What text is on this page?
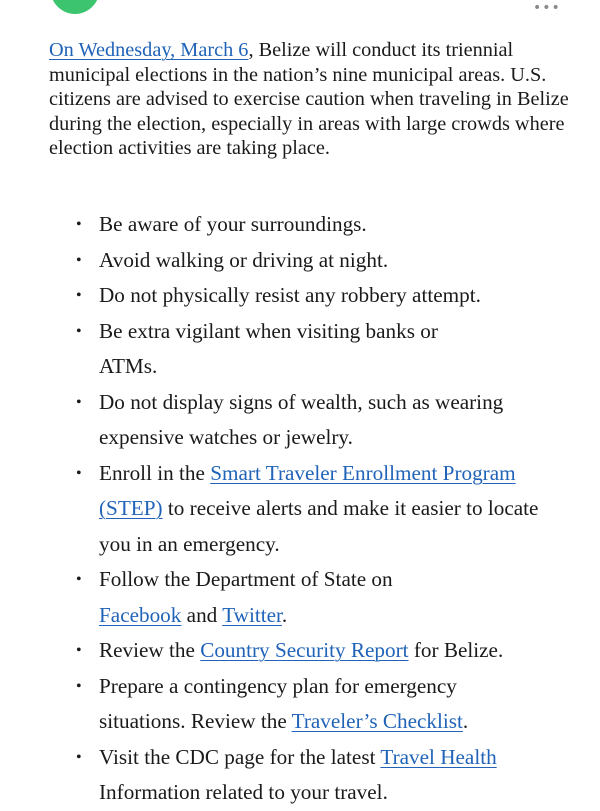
•••

On Wednesday, March 6, Belize will conduct its triennial municipal elections in the nation’s nine municipal areas. U.S. citizens are advised to exercise caution when traveling in Belize during the election, especially in areas with large crowds where election activities are taking place.

• Be aware of your surroundings.
• Avoid walking or driving at night.
• Do not physically resist any robbery attempt.
• Be extra vigilant when visiting banks or ATMs.
• Do not display signs of wealth, such as wearing expensive watches or jewelry.
• Enroll in the Smart Traveler Enrollment Program (STEP) to receive alerts and make it easier to locate you in an emergency.
• Follow the Department of State on Facebook and Twitter.
• Review the Country Security Report for Belize.
• Prepare a contingency plan for emergency situations. Review the Traveler’s Checklist.
• Visit the CDC page for the latest Travel Health Information related to your travel.
